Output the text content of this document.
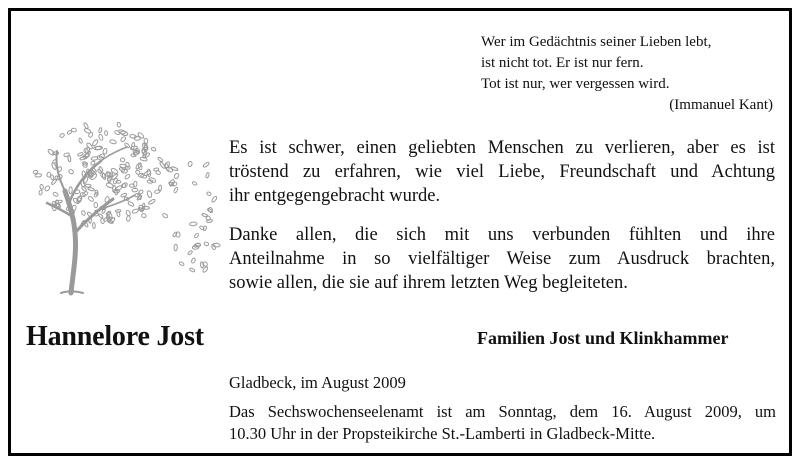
Wer im Gedächtnis seiner Lieben lebt,
ist nicht tot. Er ist nur fern.
Tot ist nur, wer vergessen wird.
(Immanuel Kant)
Es ist schwer, einen geliebten Menschen zu verlieren, aber es ist
tröstend zu erfahren, wie viel Liebe, Freundschaft und Achtung
ihr entgegengebracht wurde.
Danke allen, die sich mit uns verbunden fühlten und ihre
Anteilnahme in so vielfältiger Weise zum Ausdruck brachten,
sowie allen, die sie auf ihrem letzten Weg begleiteten.
Hannelore Jost	Familien Jost und Klinkhammer
Gladbeck, im August 2009
Das Sechswochenseelenamt ist am Sonntag, dem 16. August 2009, um
10.30 Uhr in der Propsteikirche St.-Lamberti in Gladbeck-Mitte.
